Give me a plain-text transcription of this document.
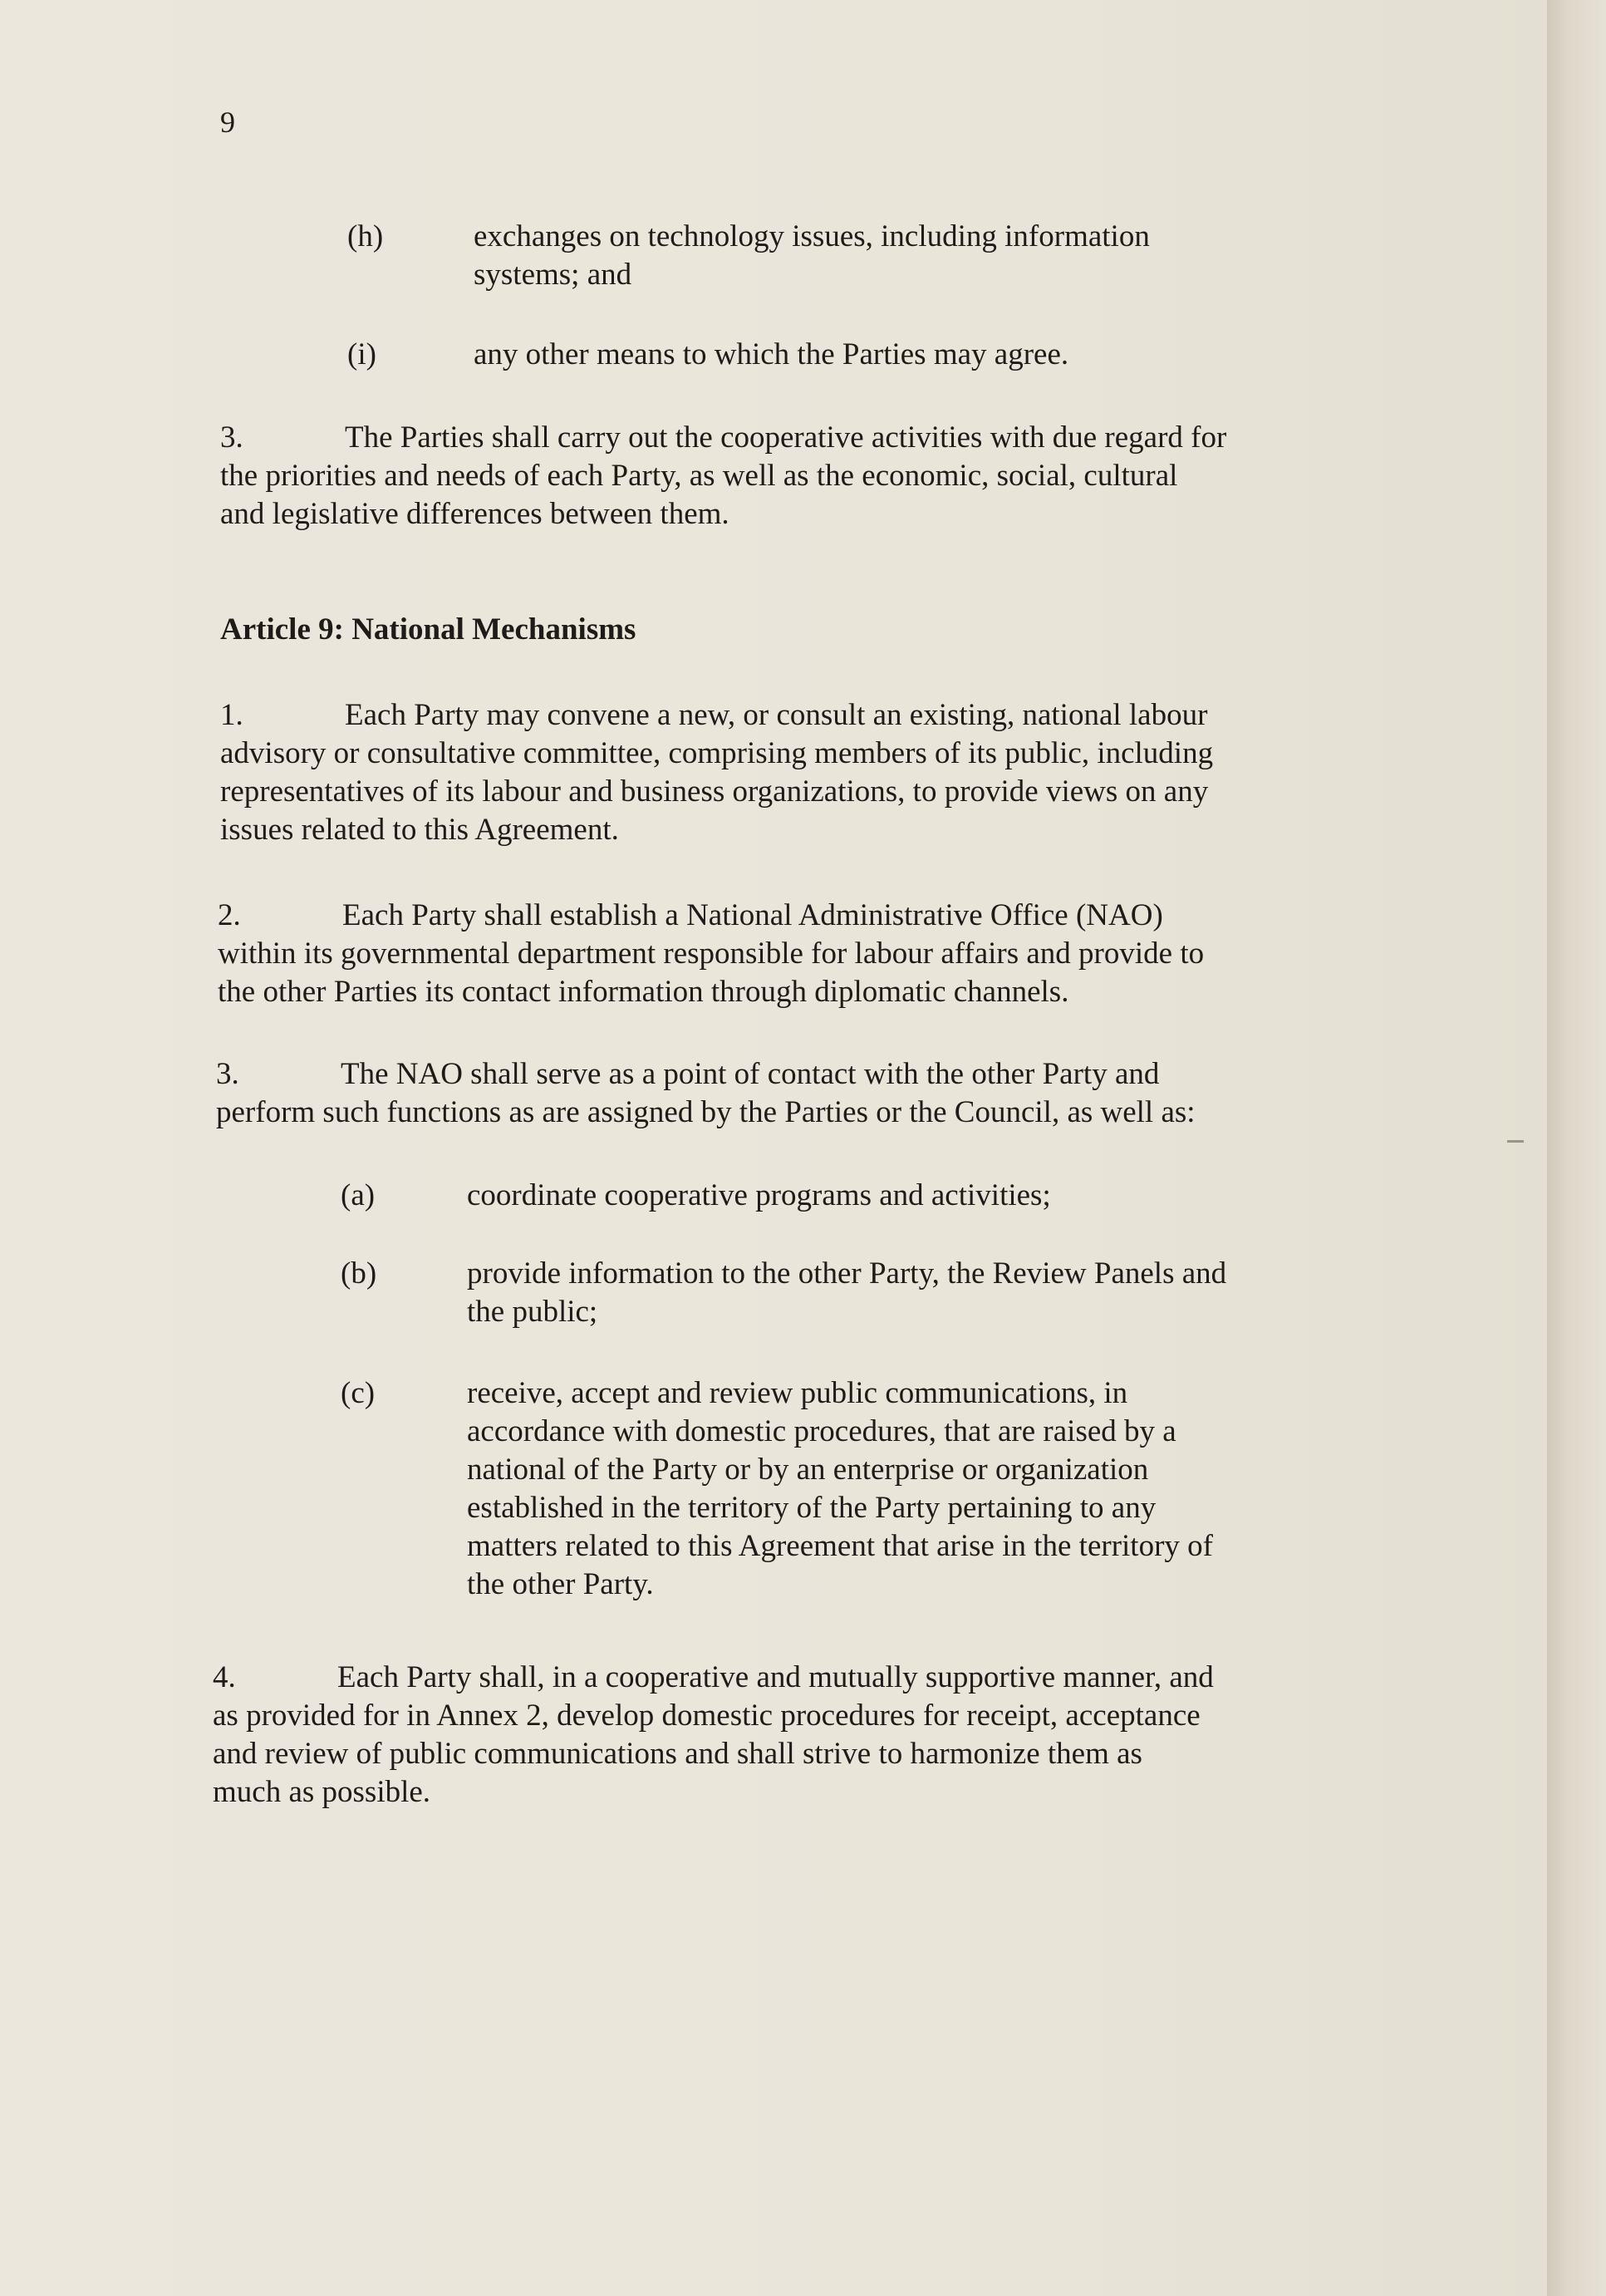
9
(h)	exchanges on technology issues, including information
systems; and
(i)	any other means to which the Parties may agree.
3.	The Parties shall carry out the cooperative activities with due regard for
the priorities and needs of each Party, as well as the economic, social, cultural
and legislative differences between them.
Article 9: National Mechanisms
1.	Each Party may convene a new, or consult an existing, national labour
advisory or consultative committee, comprising members of its public, including
representatives of its labour and business organizations, to provide views on any
issues related to this Agreement.
2.	Each Party shall establish a National Administrative Office (NAO)
within its governmental department responsible for labour affairs and provide to
the other Parties its contact information through diplomatic channels.
3.	The NAO shall serve as a point of contact with the other Party and
perform such functions as are assigned by the Parties or the Council, as well as:
(a)	coordinate cooperative programs and activities;
(b)	provide information to the other Party, the Review Panels and
the public;
(c)	receive, accept and review public communications, in
accordance with domestic procedures, that are raised by a
national of the Party or by an enterprise or organization
established in the territory of the Party pertaining to any
matters related to this Agreement that arise in the territory of
the other Party.
4.	Each Party shall, in a cooperative and mutually supportive manner, and
as provided for in Annex 2, develop domestic procedures for receipt, acceptance
and review of public communications and shall strive to harmonize them as
much as possible.
